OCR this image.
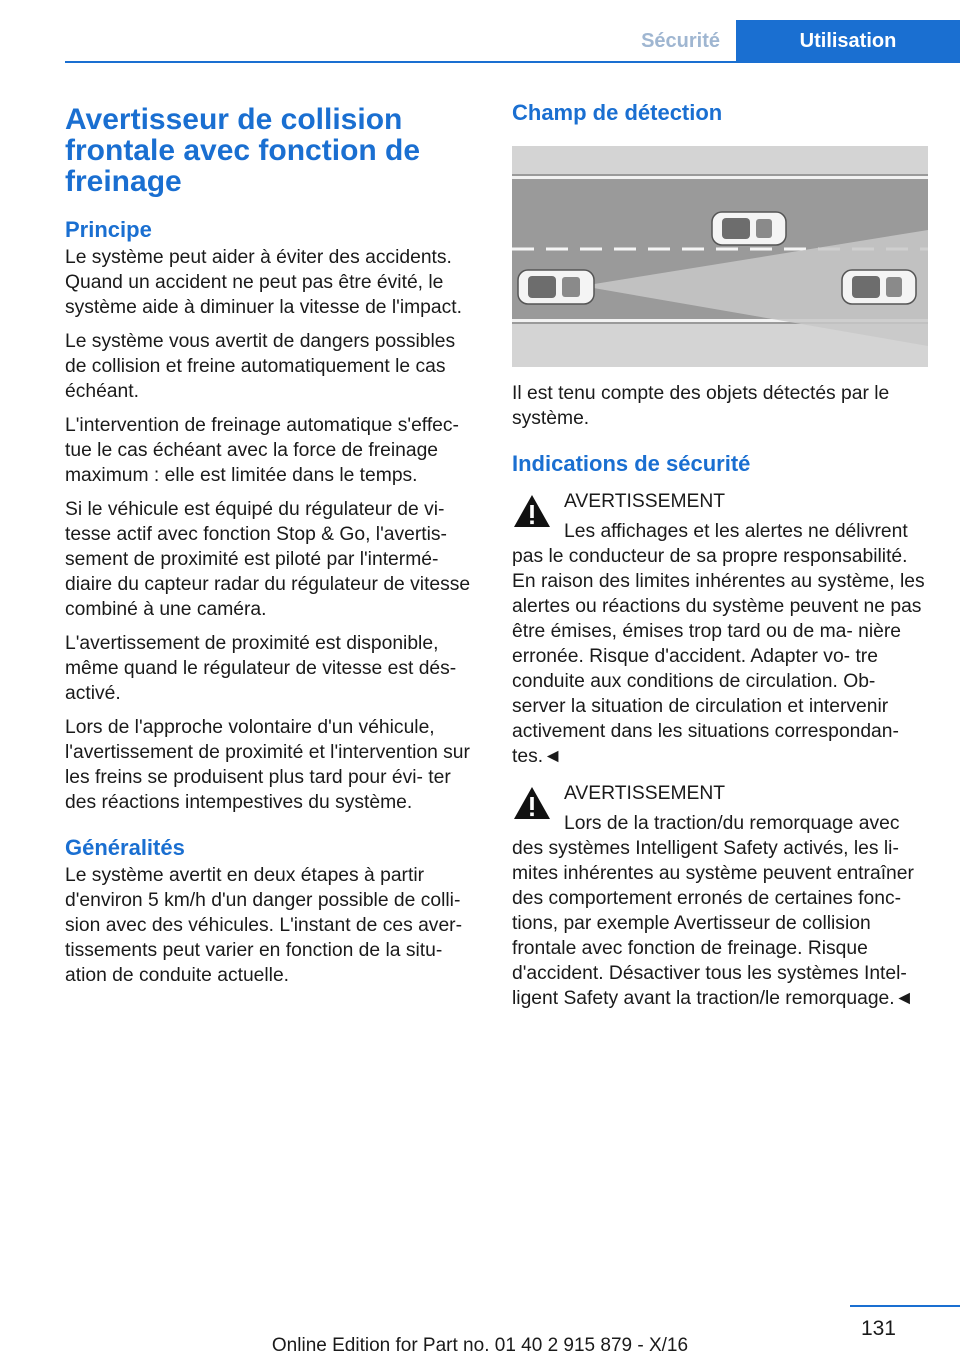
Sécurité	Utilisation
Avertisseur de collision frontale avec fonction de freinage
Principe

Le système peut aider à éviter des accidents. Quand un accident ne peut pas être évité, le système aide à diminuer la vitesse de l'impact.

Le système vous avertit de dangers possibles de collision et freine automatiquement le cas échéant.

L'intervention de freinage automatique s'effec‐ tue le cas échéant avec la force de freinage maximum : elle est limitée dans le temps.

Si le véhicule est équipé du régulateur de vi‐ tesse actif avec fonction Stop & Go, l'avertis‐ sement de proximité est piloté par l'intermé‐ diaire du capteur radar du régulateur de vitesse combiné à une caméra.

L'avertissement de proximité est disponible, même quand le régulateur de vitesse est dés‐ activé.

Lors de l'approche volontaire d'un véhicule, l'avertissement de proximité et l'intervention sur les freins se produisent plus tard pour évi‐ ter des réactions intempestives du système.

Généralités

Le système avertit en deux étapes à partir d'environ 5 km/h d'un danger possible de colli‐ sion avec des véhicules. L'instant de ces aver‐ tissements peut varier en fonction de la situ‐ ation de conduite actuelle.

Champ de détection

Il est tenu compte des objets détectés par le système.

Indications de sécurité
AVERTISSEMENT

Les affichages et les alertes ne délivrent pas le conducteur de sa propre responsabilité. En raison des limites inhérentes au système, les alertes ou réactions du système peuvent ne pas être émises, émises trop tard ou de ma‐ nière erronée. Risque d'accident. Adapter vo‐ tre conduite aux conditions de circulation. Ob‐ server la situation de circulation et intervenir activement dans les situations correspondan‐ tes.◄

AVERTISSEMENT

Lors de la traction/du remorquage avec des systèmes Intelligent Safety activés, les li‐ mites inhérentes au système peuvent entraîner des comportement erronés de certaines fonc‐ tions, par exemple Avertisseur de collision frontale avec fonction de freinage. Risque d'accident. Désactiver tous les systèmes Intel‐ ligent Safety avant la traction/le remorquage.◄

131
Online Edition for Part no. 01 40 2 915 879 - X/16
